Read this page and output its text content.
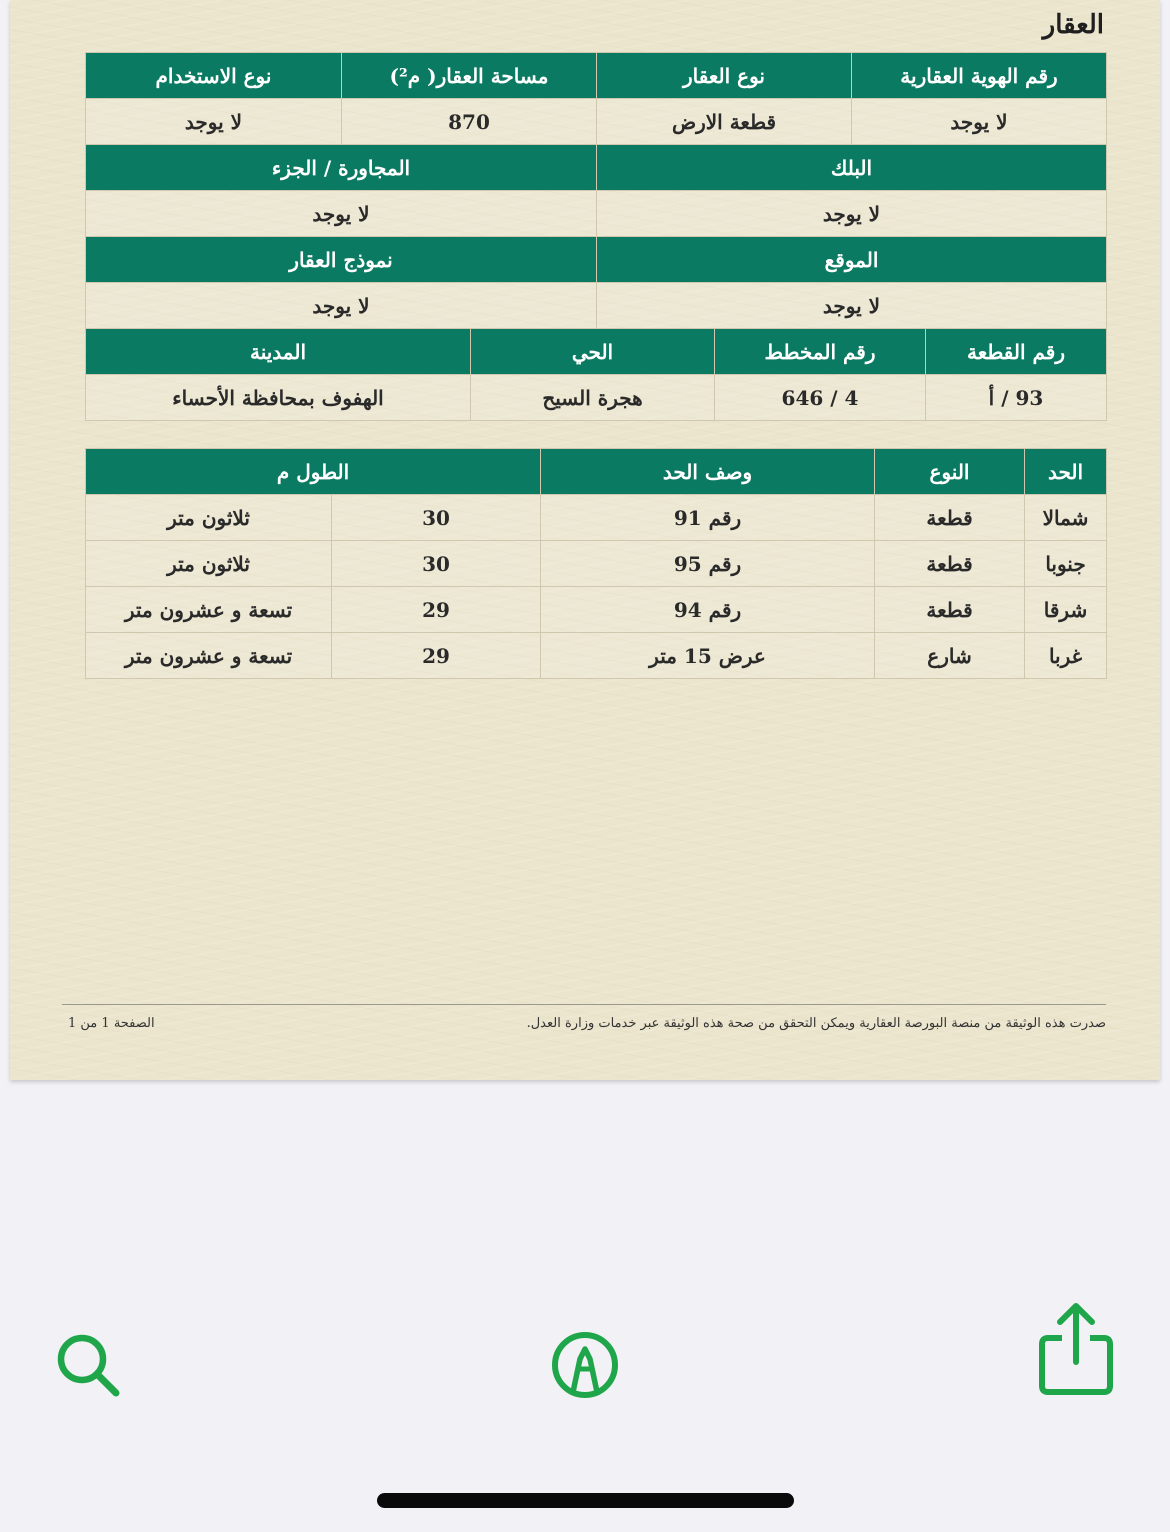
العقار
رقم الهوية العقارية	نوع العقار	مساحة العقار( م²)	نوع الاستخدام
لا يوجد	قطعة الارض	870	لا يوجد
البلك		المجاورة / الجزء	
لا يوجد		لا يوجد	
الموقع		نموذج العقار	
لا يوجد		لا يوجد	
رقم القطعة	رقم المخطط	الحي	المدينة
93 / أ	4 / 646	هجرة السيح	الهفوف بمحافظة الأحساء
الحد	النوع	وصف الحد	الطول م	
شمالا	قطعة	رقم 91	30	ثلاثون متر
جنوبا	قطعة	رقم 95	30	ثلاثون متر
شرقا	قطعة	رقم 94	29	تسعة و عشرون متر
غربا	شارع	عرض 15 متر	29	تسعة و عشرون متر
صدرت هذه الوثيقة من منصة البورصة العقارية ويمكن التحقق من صحة هذه الوثيقة عبر خدمات وزارة العدل.
الصفحة 1 من 1
